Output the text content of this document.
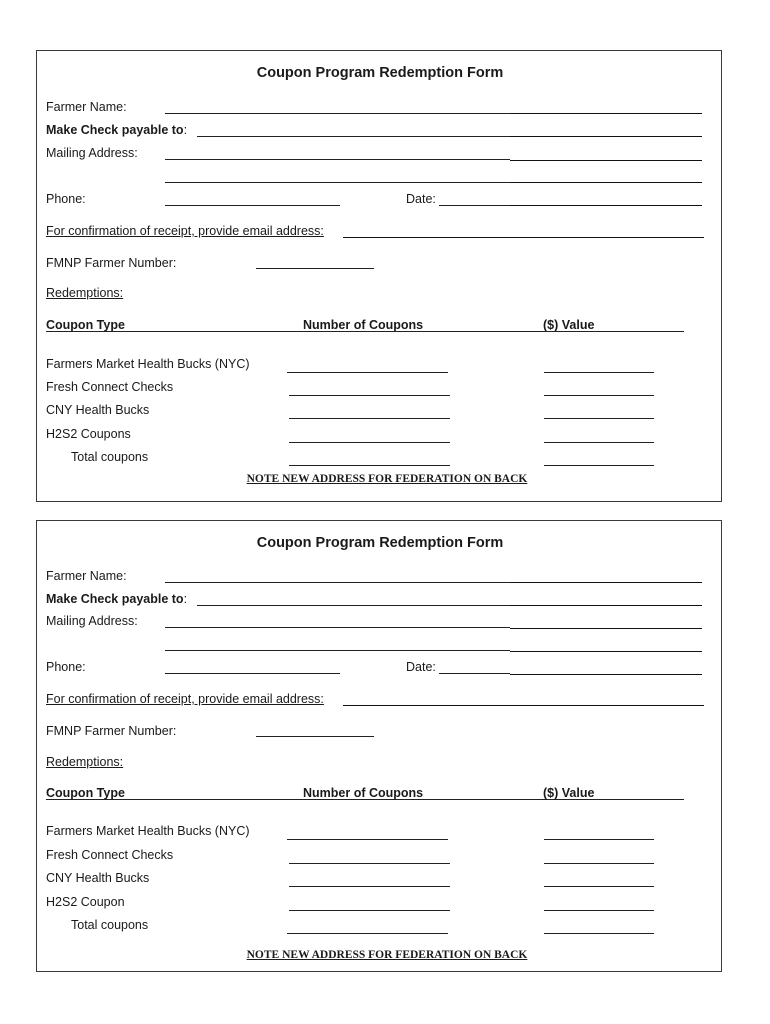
Coupon Program Redemption Form
Farmer Name:
Make Check payable to:
Mailing Address:
Phone:	Date:
For confirmation of receipt, provide email address:
FMNP Farmer Number:
Redemptions:
Coupon Type	Number of Coupons	($) Value
Farmers Market Health Bucks (NYC)
Fresh Connect Checks
CNY Health Bucks
H2S2 Coupons
Total coupons
NOTE NEW ADDRESS FOR FEDERATION ON BACK
Coupon Program Redemption Form
Farmer Name:
Make Check payable to:
Mailing Address:
Phone:	Date:
For confirmation of receipt, provide email address:
FMNP Farmer Number:
Redemptions:
Coupon Type	Number of Coupons	($) Value
Farmers Market Health Bucks (NYC)
Fresh Connect Checks
CNY Health Bucks
H2S2 Coupon
Total coupons
NOTE NEW ADDRESS FOR FEDERATION ON BACK
